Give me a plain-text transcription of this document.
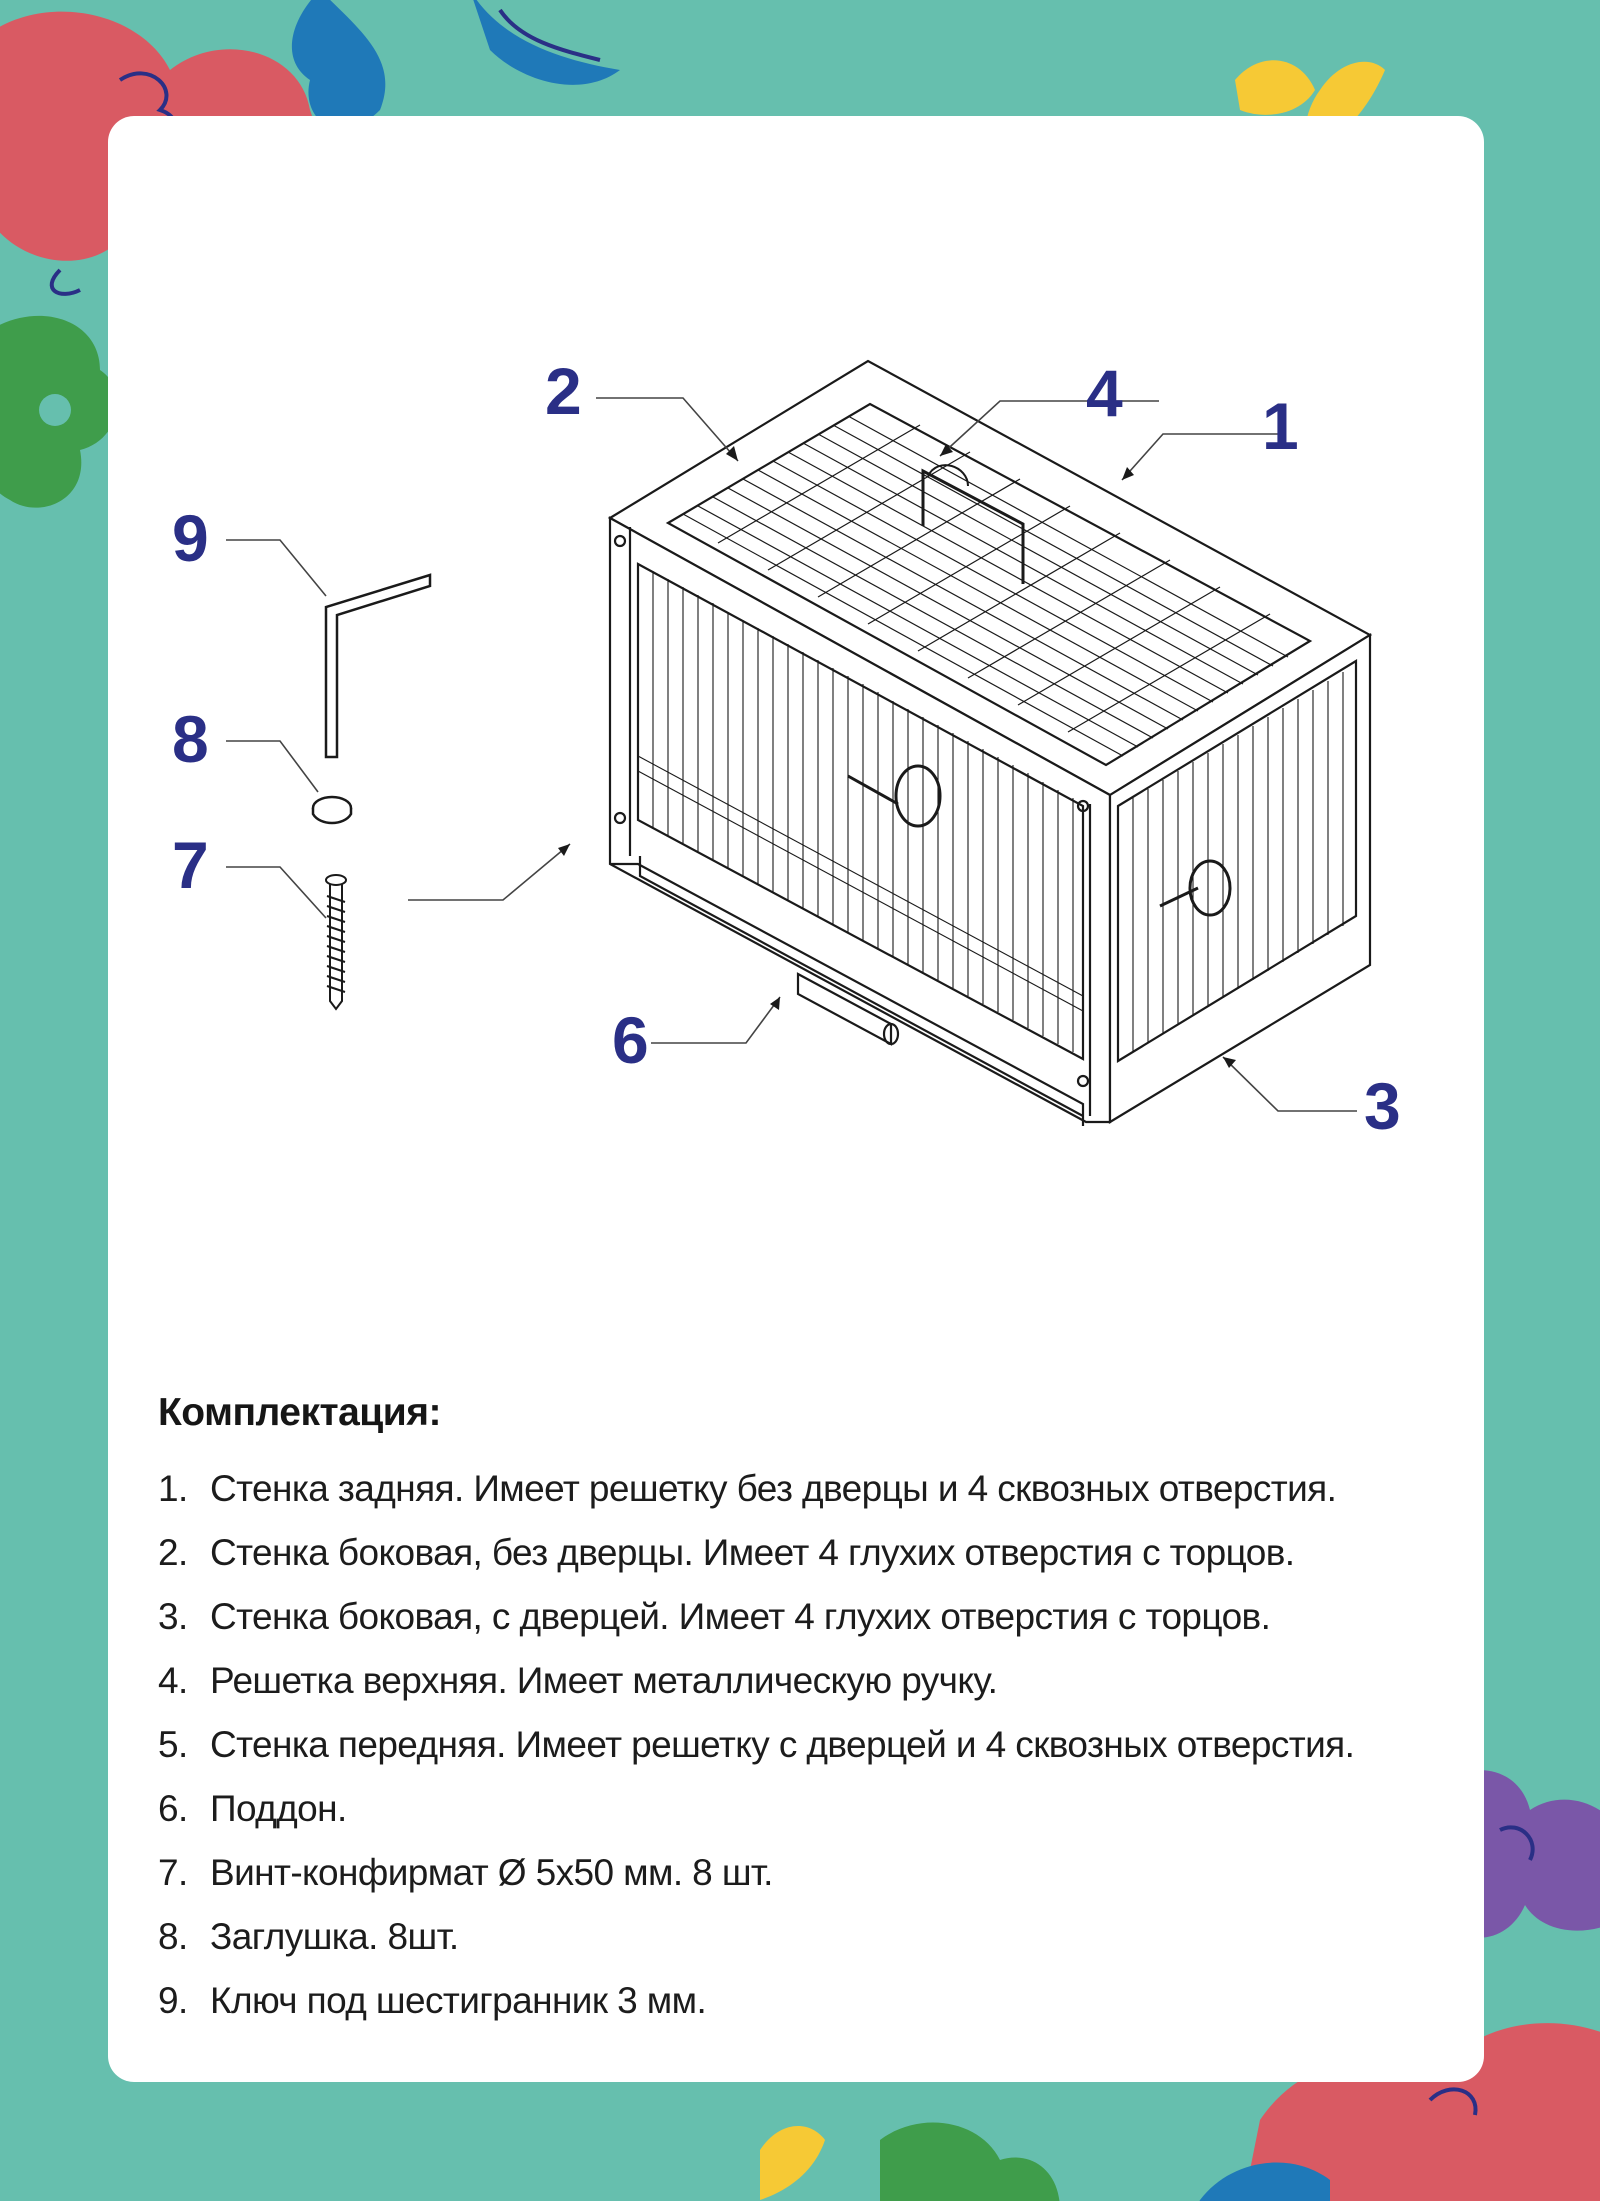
1
2
3
4
6
7
8
9
Комплектация:
1. Стенка задняя. Имеет решетку без дверцы и 4 сквозных отверстия.
2. Стенка боковая, без дверцы. Имеет 4 глухих отверстия с торцов.
3. Стенка боковая, с дверцей. Имеет 4 глухих отверстия с торцов.
4. Решетка верхняя. Имеет металлическую ручку.
5. Стенка передняя. Имеет решетку с дверцей и 4 сквозных отверстия.
6. Поддон.
7. Винт-конфирмат Ø 5x50 мм. 8 шт.
8. Заглушка. 8шт.
9. Ключ под шестигранник 3 мм.
